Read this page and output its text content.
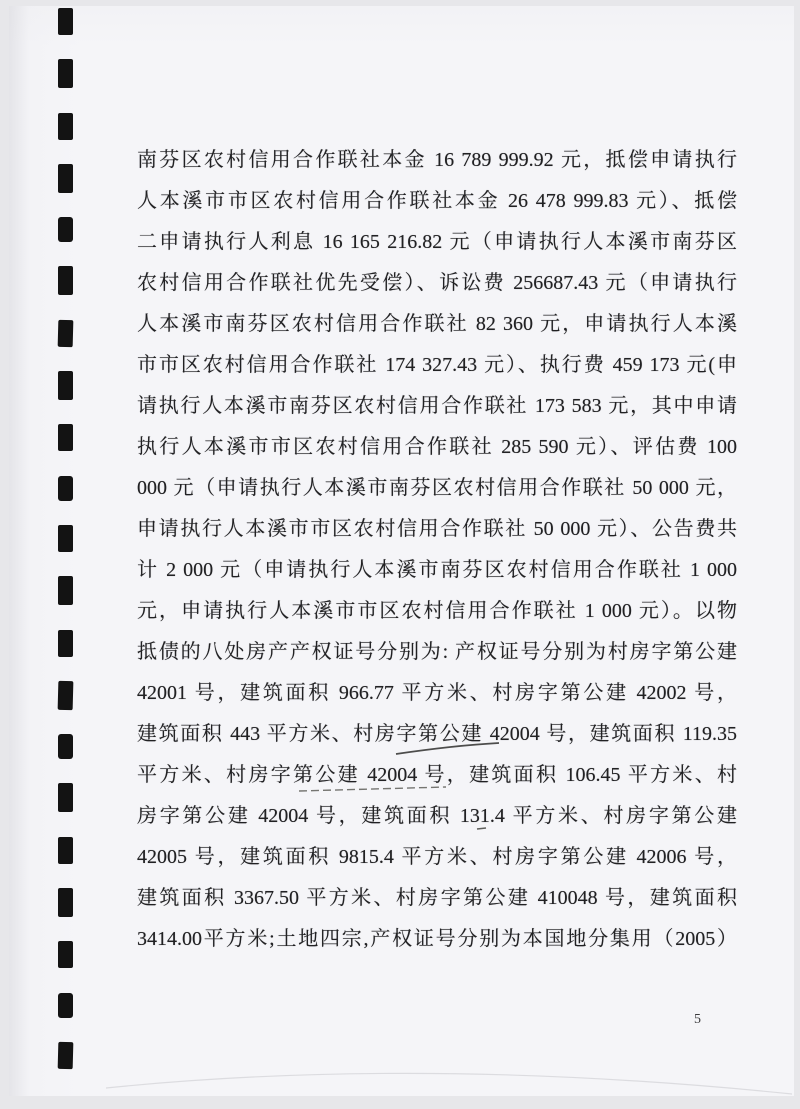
南芬区农村信用合作联社本金 16 789 999.92 元，抵偿申请执行
人本溪市市区农村信用合作联社本金 26 478 999.83 元）、抵偿
二申请执行人利息 16 165 216.82 元（申请执行人本溪市南芬区
农村信用合作联社优先受偿）、诉讼费 256687.43 元（申请执行
人本溪市南芬区农村信用合作联社 82 360 元，申请执行人本溪
市市区农村信用合作联社 174 327.43 元）、执行费 459 173 元(申
请执行人本溪市南芬区农村信用合作联社 173 583 元，其中申请
执行人本溪市市区农村信用合作联社 285 590 元）、评估费 100
000 元（申请执行人本溪市南芬区农村信用合作联社 50 000 元，
申请执行人本溪市市区农村信用合作联社 50 000 元）、公告费共
计 2 000 元（申请执行人本溪市南芬区农村信用合作联社 1 000
元，申请执行人本溪市市区农村信用合作联社 1 000 元）。以物
抵债的八处房产产权证号分别为: 产权证号分别为村房字第公建
42001 号，建筑面积 966.77 平方米、村房字第公建 42002 号，
建筑面积 443 平方米、村房字第公建 42004 号，建筑面积 119.35
平方米、村房字第公建 42004 号，建筑面积 106.45 平方米、村
房字第公建 42004 号，建筑面积 131.4 平方米、村房字第公建
42005 号，建筑面积 9815.4 平方米、村房字第公建 42006 号，
建筑面积 3367.50 平方米、村房字第公建 410048 号，建筑面积
3414.00平方米;土地四宗,产权证号分别为本国地分集用（2005）
5
